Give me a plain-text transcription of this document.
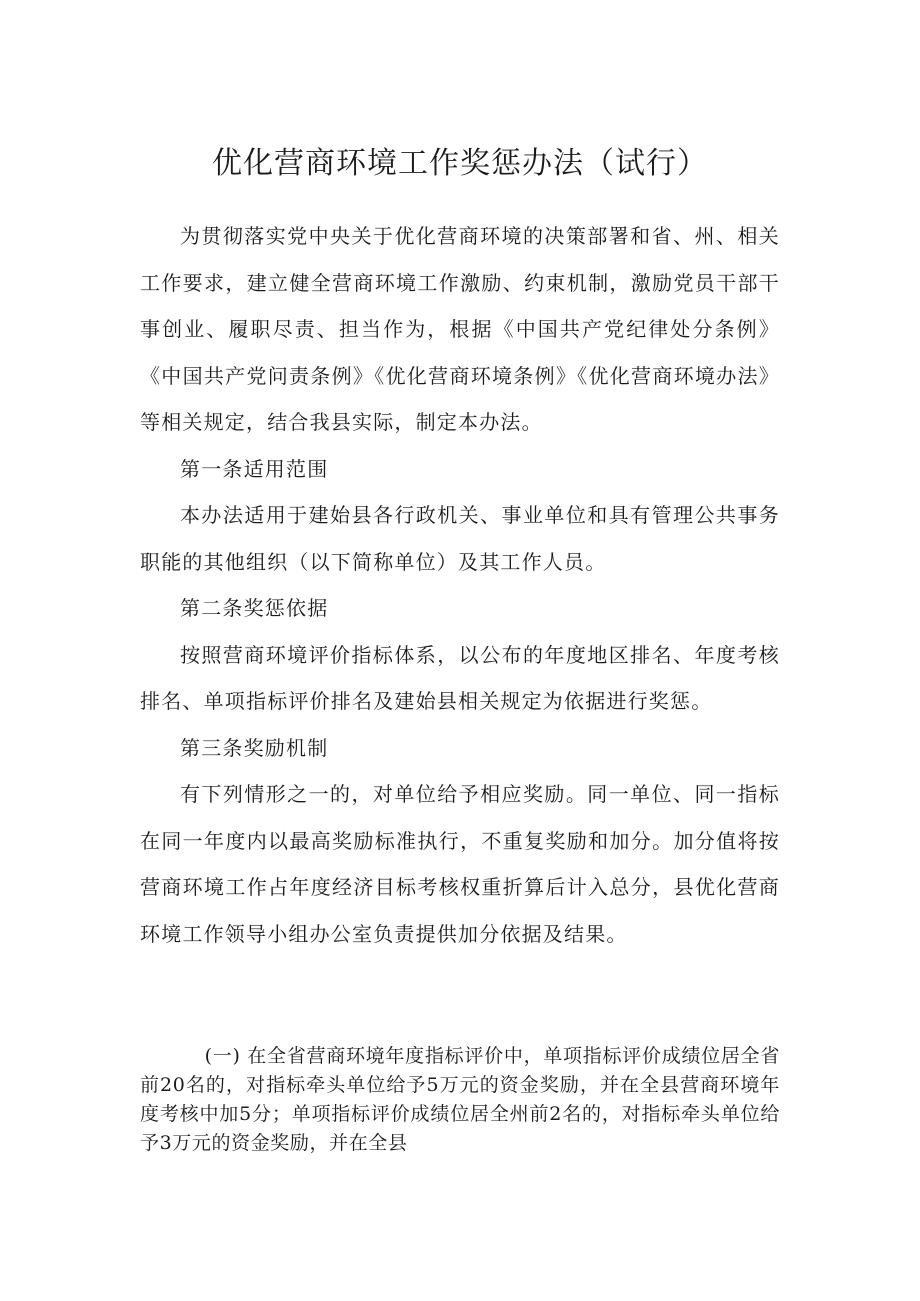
优化营商环境工作奖惩办法（试行）

为贯彻落实党中央关于优化营商环境的决策部署和省、州、相关工作要求，建立健全营商环境工作激励、约束机制，激励党员干部干事创业、履职尽责、担当作为，根据《中国共产党纪律处分条例》《中国共产党问责条例》《优化营商环境条例》《优化营商环境办法》等相关规定，结合我县实际，制定本办法。

第一条适用范围

本办法适用于建始县各行政机关、事业单位和具有管理公共事务职能的其他组织（以下简称单位）及其工作人员。

第二条奖惩依据

按照营商环境评价指标体系，以公布的年度地区排名、年度考核排名、单项指标评价排名及建始县相关规定为依据进行奖惩。

第三条奖励机制

有下列情形之一的，对单位给予相应奖励。同一单位、同一指标在同一年度内以最高奖励标准执行，不重复奖励和加分。加分值将按营商环境工作占年度经济目标考核权重折算后计入总分，县优化营商环境工作领导小组办公室负责提供加分依据及结果。

(一) 在全省营商环境年度指标评价中，单项指标评价成绩位居全省前20名的，对指标牵头单位给予5万元的资金奖励，并在全县营商环境年度考核中加5分；单项指标评价成绩位居全州前2名的，对指标牵头单位给予3万元的资金奖励，并在全县
